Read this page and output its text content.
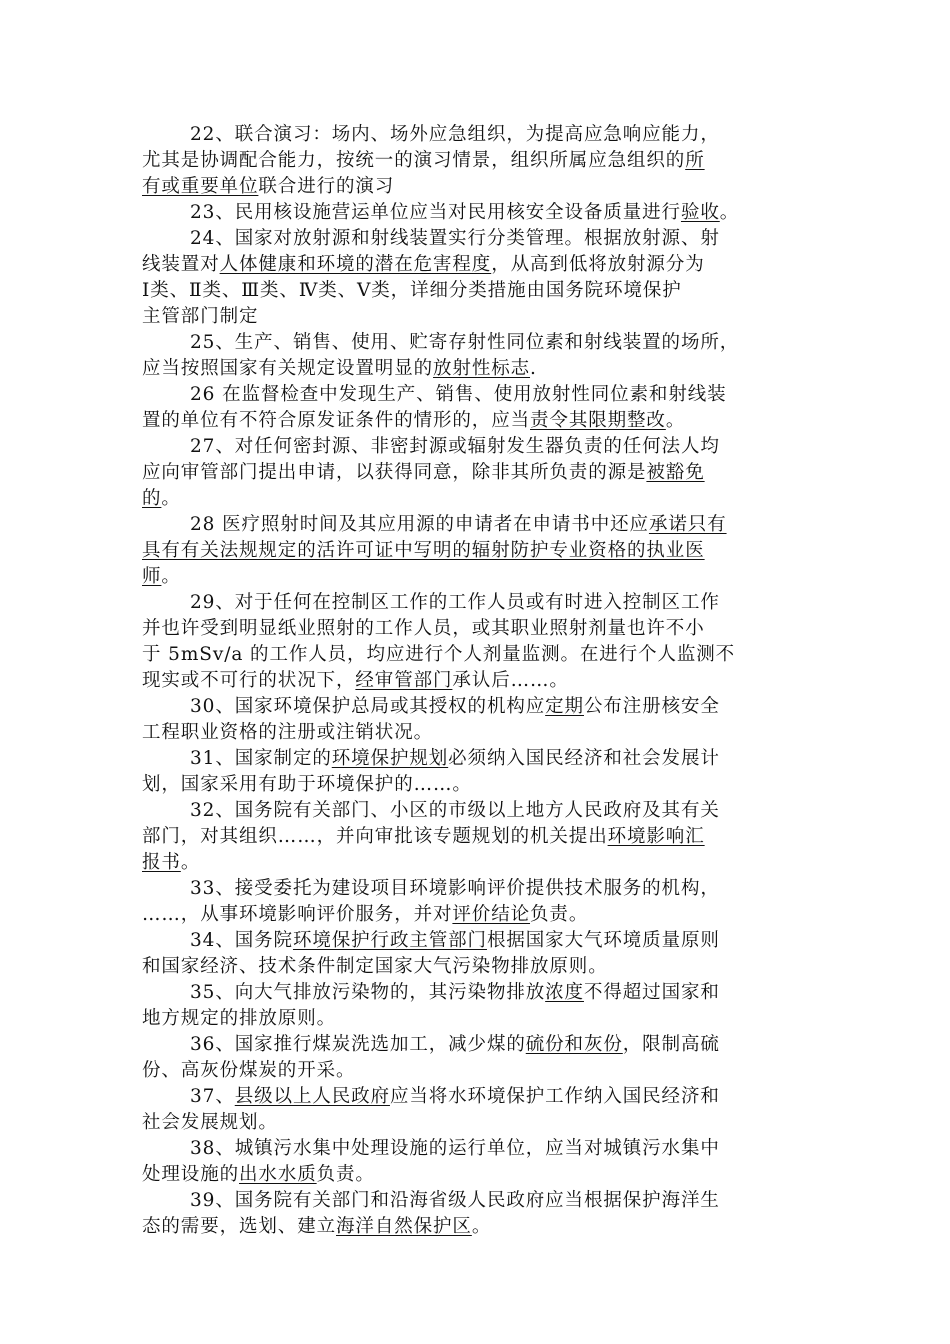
22、联合演习：场内、场外应急组织，为提高应急响应能力，
尤其是协调配合能力，按统一的演习情景，组织所属应急组织的所
有或重要单位联合进行的演习
23、民用核设施营运单位应当对民用核安全设备质量进行验收。
24、国家对放射源和射线装置实行分类管理。根据放射源、射
线装置对人体健康和环境的潜在危害程度，从高到低将放射源分为
Ⅰ类、Ⅱ类、Ⅲ类、Ⅳ类、Ⅴ类，详细分类措施由国务院环境保护
主管部门制定
25、生产、销售、使用、贮寄存射性同位素和射线装置的场所，
应当按照国家有关规定设置明显的放射性标志.
26 在监督检查中发现生产、销售、使用放射性同位素和射线装
置的单位有不符合原发证条件的情形的，应当责令其限期整改。
27、对任何密封源、非密封源或辐射发生器负责的任何法人均
应向审管部门提出申请，以获得同意，除非其所负责的源是被豁免
的。
28 医疗照射时间及其应用源的申请者在申请书中还应承诺只有
具有有关法规规定的活许可证中写明的辐射防护专业资格的执业医
师。
29、对于任何在控制区工作的工作人员或有时进入控制区工作
并也许受到明显纸业照射的工作人员，或其职业照射剂量也许不小
于 5mSv/a 的工作人员，均应进行个人剂量监测。在进行个人监测不
现实或不可行的状况下，经审管部门承认后……。
30、国家环境保护总局或其授权的机构应定期公布注册核安全
工程职业资格的注册或注销状况。
31、国家制定的环境保护规划必须纳入国民经济和社会发展计
划，国家采用有助于环境保护的……。
32、国务院有关部门、小区的市级以上地方人民政府及其有关
部门，对其组织……，并向审批该专题规划的机关提出环境影响汇
报书。
33、接受委托为建设项目环境影响评价提供技术服务的机构，
……，从事环境影响评价服务，并对评价结论负责。
34、国务院环境保护行政主管部门根据国家大气环境质量原则
和国家经济、技术条件制定国家大气污染物排放原则。
35、向大气排放污染物的，其污染物排放浓度不得超过国家和
地方规定的排放原则。
36、国家推行煤炭洗选加工，减少煤的硫份和灰份，限制高硫
份、高灰份煤炭的开采。
37、县级以上人民政府应当将水环境保护工作纳入国民经济和
社会发展规划。
38、城镇污水集中处理设施的运行单位，应当对城镇污水集中
处理设施的出水水质负责。
39、国务院有关部门和沿海省级人民政府应当根据保护海洋生
态的需要，选划、建立海洋自然保护区。
